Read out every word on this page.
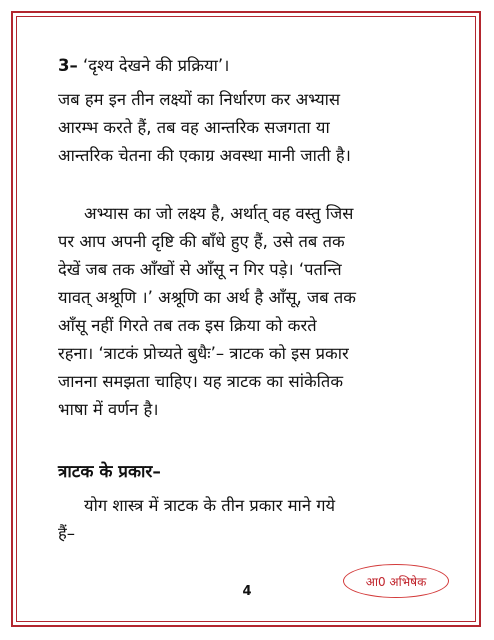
3– ‘दृश्य देखने की प्रक्रिया’।

जब हम इन तीन लक्ष्यों का निर्धारण कर अभ्यास
आरम्भ करते हैं, तब वह आन्तरिक सजगता या
आन्तरिक चेतना की एकाग्र अवस्था मानी जाती है।

अभ्यास का जो लक्ष्य है, अर्थात् वह वस्तु जिस
पर आप अपनी दृष्टि की बाँधे हुए हैं, उसे तब तक
देखें जब तक आँखों से आँसू न गिर पड़े। ‘पतन्ति
यावत् अश्रूणि ।’ अश्रूणि का अर्थ है आँसू, जब तक
आँसू नहीं गिरते तब तक इस क्रिया को करते
रहना। ‘त्राटकं प्रोच्यते बुधैः’– त्राटक को इस प्रकार
जानना समझता चाहिए। यह त्राटक का सांकेतिक
भाषा में वर्णन है।

त्राटक के प्रकार–

योग शास्त्र में त्राटक के तीन प्रकार माने गये
हैं–

4
आ0 अभिषेक
